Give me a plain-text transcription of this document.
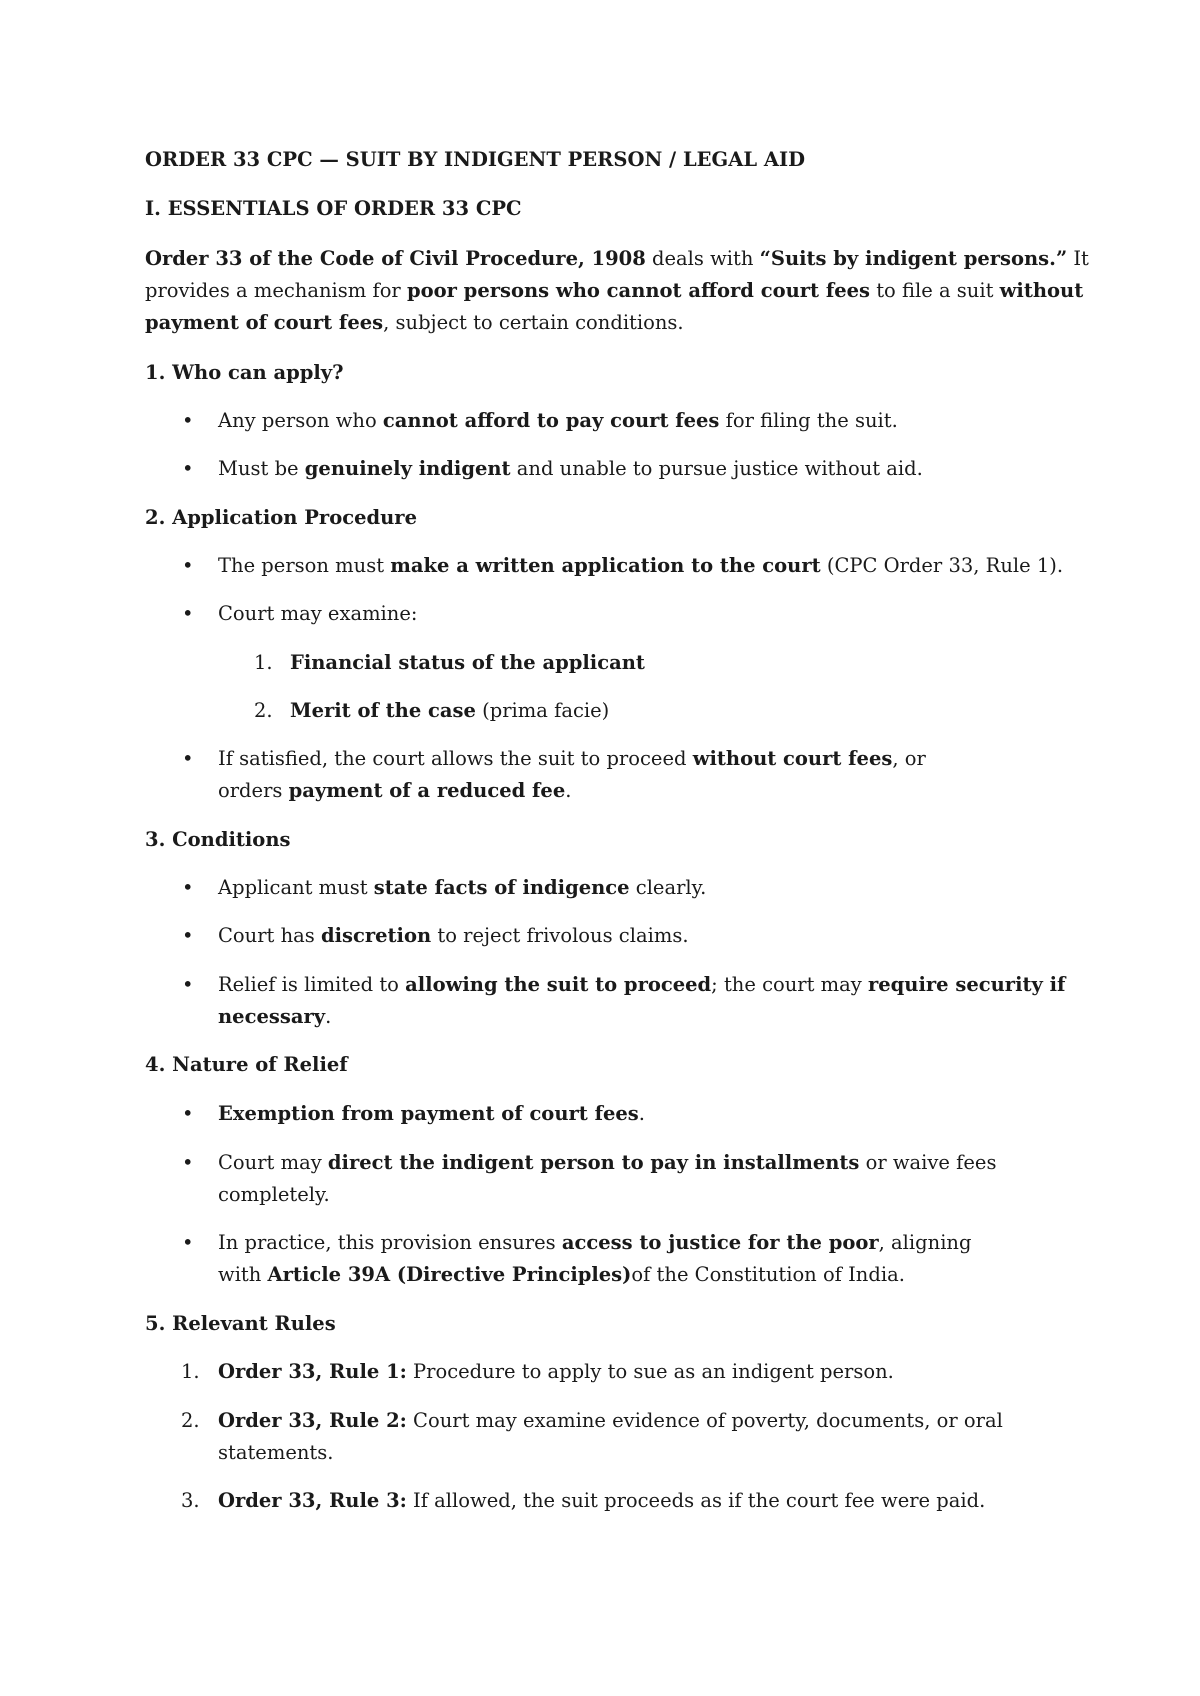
ORDER 33 CPC — SUIT BY INDIGENT PERSON / LEGAL AID
I. ESSENTIALS OF ORDER 33 CPC
Order 33 of the Code of Civil Procedure, 1908 deals with “Suits by indigent persons.” It
provides a mechanism for poor persons who cannot afford court fees to file a suit without
payment of court fees, subject to certain conditions.
1. Who can apply?
• Any person who cannot afford to pay court fees for filing the suit.
• Must be genuinely indigent and unable to pursue justice without aid.
2. Application Procedure
• The person must make a written application to the court (CPC Order 33, Rule 1).
• Court may examine:
1. Financial status of the applicant
2. Merit of the case (prima facie)
• If satisfied, the court allows the suit to proceed without court fees, or
orders payment of a reduced fee.
3. Conditions
• Applicant must state facts of indigence clearly.
• Court has discretion to reject frivolous claims.
• Relief is limited to allowing the suit to proceed; the court may require security if
necessary.
4. Nature of Relief
• Exemption from payment of court fees.
• Court may direct the indigent person to pay in installments or waive fees
completely.
• In practice, this provision ensures access to justice for the poor, aligning
with Article 39A (Directive Principles)of the Constitution of India.
5. Relevant Rules
1. Order 33, Rule 1: Procedure to apply to sue as an indigent person.
2. Order 33, Rule 2: Court may examine evidence of poverty, documents, or oral
statements.
3. Order 33, Rule 3: If allowed, the suit proceeds as if the court fee were paid.
